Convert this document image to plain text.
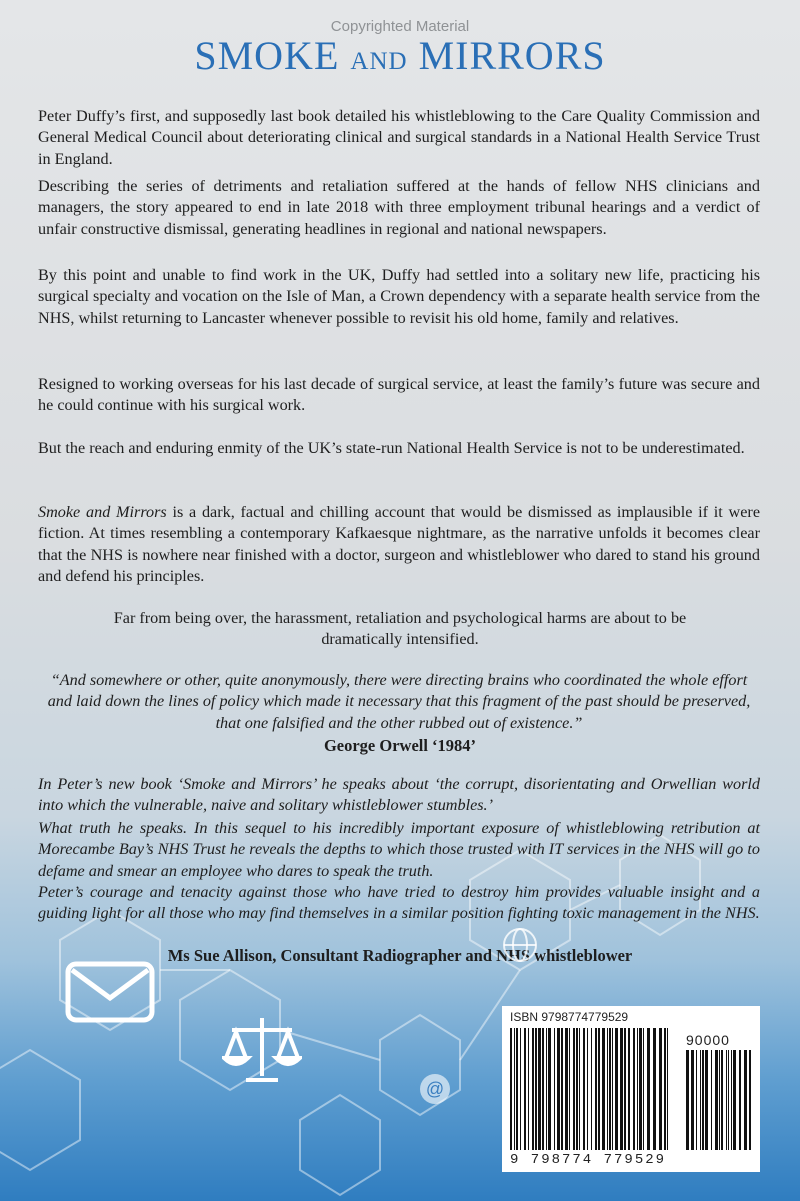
Copyrighted Material
SMOKE AND MIRRORS

Peter Duffy’s first, and supposedly last book detailed his whistleblowing to the Care Quality Commission and General Medical Council about deteriorating clinical and surgical standards in a National Health Service Trust in England.

Describing the series of detriments and retaliation suffered at the hands of fellow NHS clinicians and managers, the story appeared to end in late 2018 with three employment tribunal hearings and a verdict of unfair constructive dismissal, generating headlines in regional and national newspapers.

By this point and unable to find work in the UK, Duffy had settled into a solitary new life, practicing his surgical specialty and vocation on the Isle of Man, a Crown dependency with a separate health service from the NHS, whilst returning to Lancaster whenever possible to revisit his old home, family and relatives.

Resigned to working overseas for his last decade of surgical service, at least the family’s future was secure and he could continue with his surgical work.

But the reach and enduring enmity of the UK’s state-run National Health Service is not to be underestimated.

Smoke and Mirrors is a dark, factual and chilling account that would be dismissed as implausible if it were fiction. At times resembling a contemporary Kafkaesque nightmare, as the narrative unfolds it becomes clear that the NHS is nowhere near finished with a doctor, surgeon and whistleblower who dared to stand his ground and defend his principles.

Far from being over, the harassment, retaliation and psychological harms are about to be dramatically intensified.

“And somewhere or other, quite anonymously, there were directing brains who coordinated the whole effort and laid down the lines of policy which made it necessary that this fragment of the past should be preserved, that one falsified and the other rubbed out of existence.”

George Orwell ‘1984’

In Peter’s new book ‘Smoke and Mirrors’ he speaks about ‘the corrupt, disorientating and Orwellian world into which the vulnerable, naive and solitary whistleblower stumbles.’

What truth he speaks. In this sequel to his incredibly important exposure of whistleblowing retribution at Morecambe Bay’s NHS Trust he reveals the depths to which those trusted with IT services in the NHS will go to defame and smear an employee who dares to speak the truth.

Peter’s courage and tenacity against those who have tried to destroy him provides valuable insight and a guiding light for all those who may find themselves in a similar position fighting toxic management in the NHS.

Ms Sue Allison, Consultant Radiographer and NHS whistleblower
@
ISBN 9798774779529
90000
9 798774 779529
